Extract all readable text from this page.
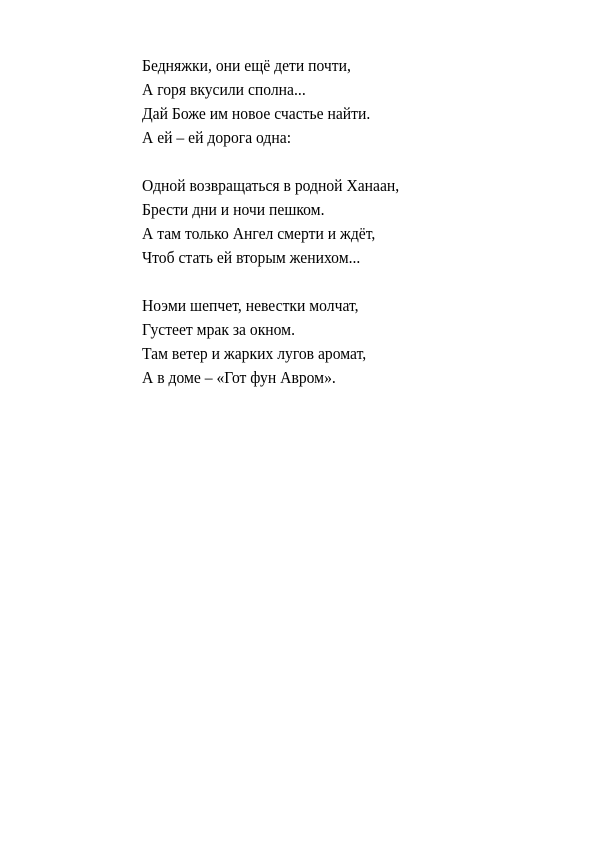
Бедняжки, они ещё дети почти,
А горя вкусили сполна...
Дай Боже им новое счастье найти.
А ей – ей дорога одна:
Одной возвращаться в родной Ханаан,
Брести дни и ночи пешком.
А там только Ангел смерти и ждёт,
Чтоб стать ей вторым женихом...
Ноэми шепчет, невестки молчат,
Густеет мрак за окном.
Там ветер и жарких лугов аромат,
А в доме – «Гот фун Авром».
